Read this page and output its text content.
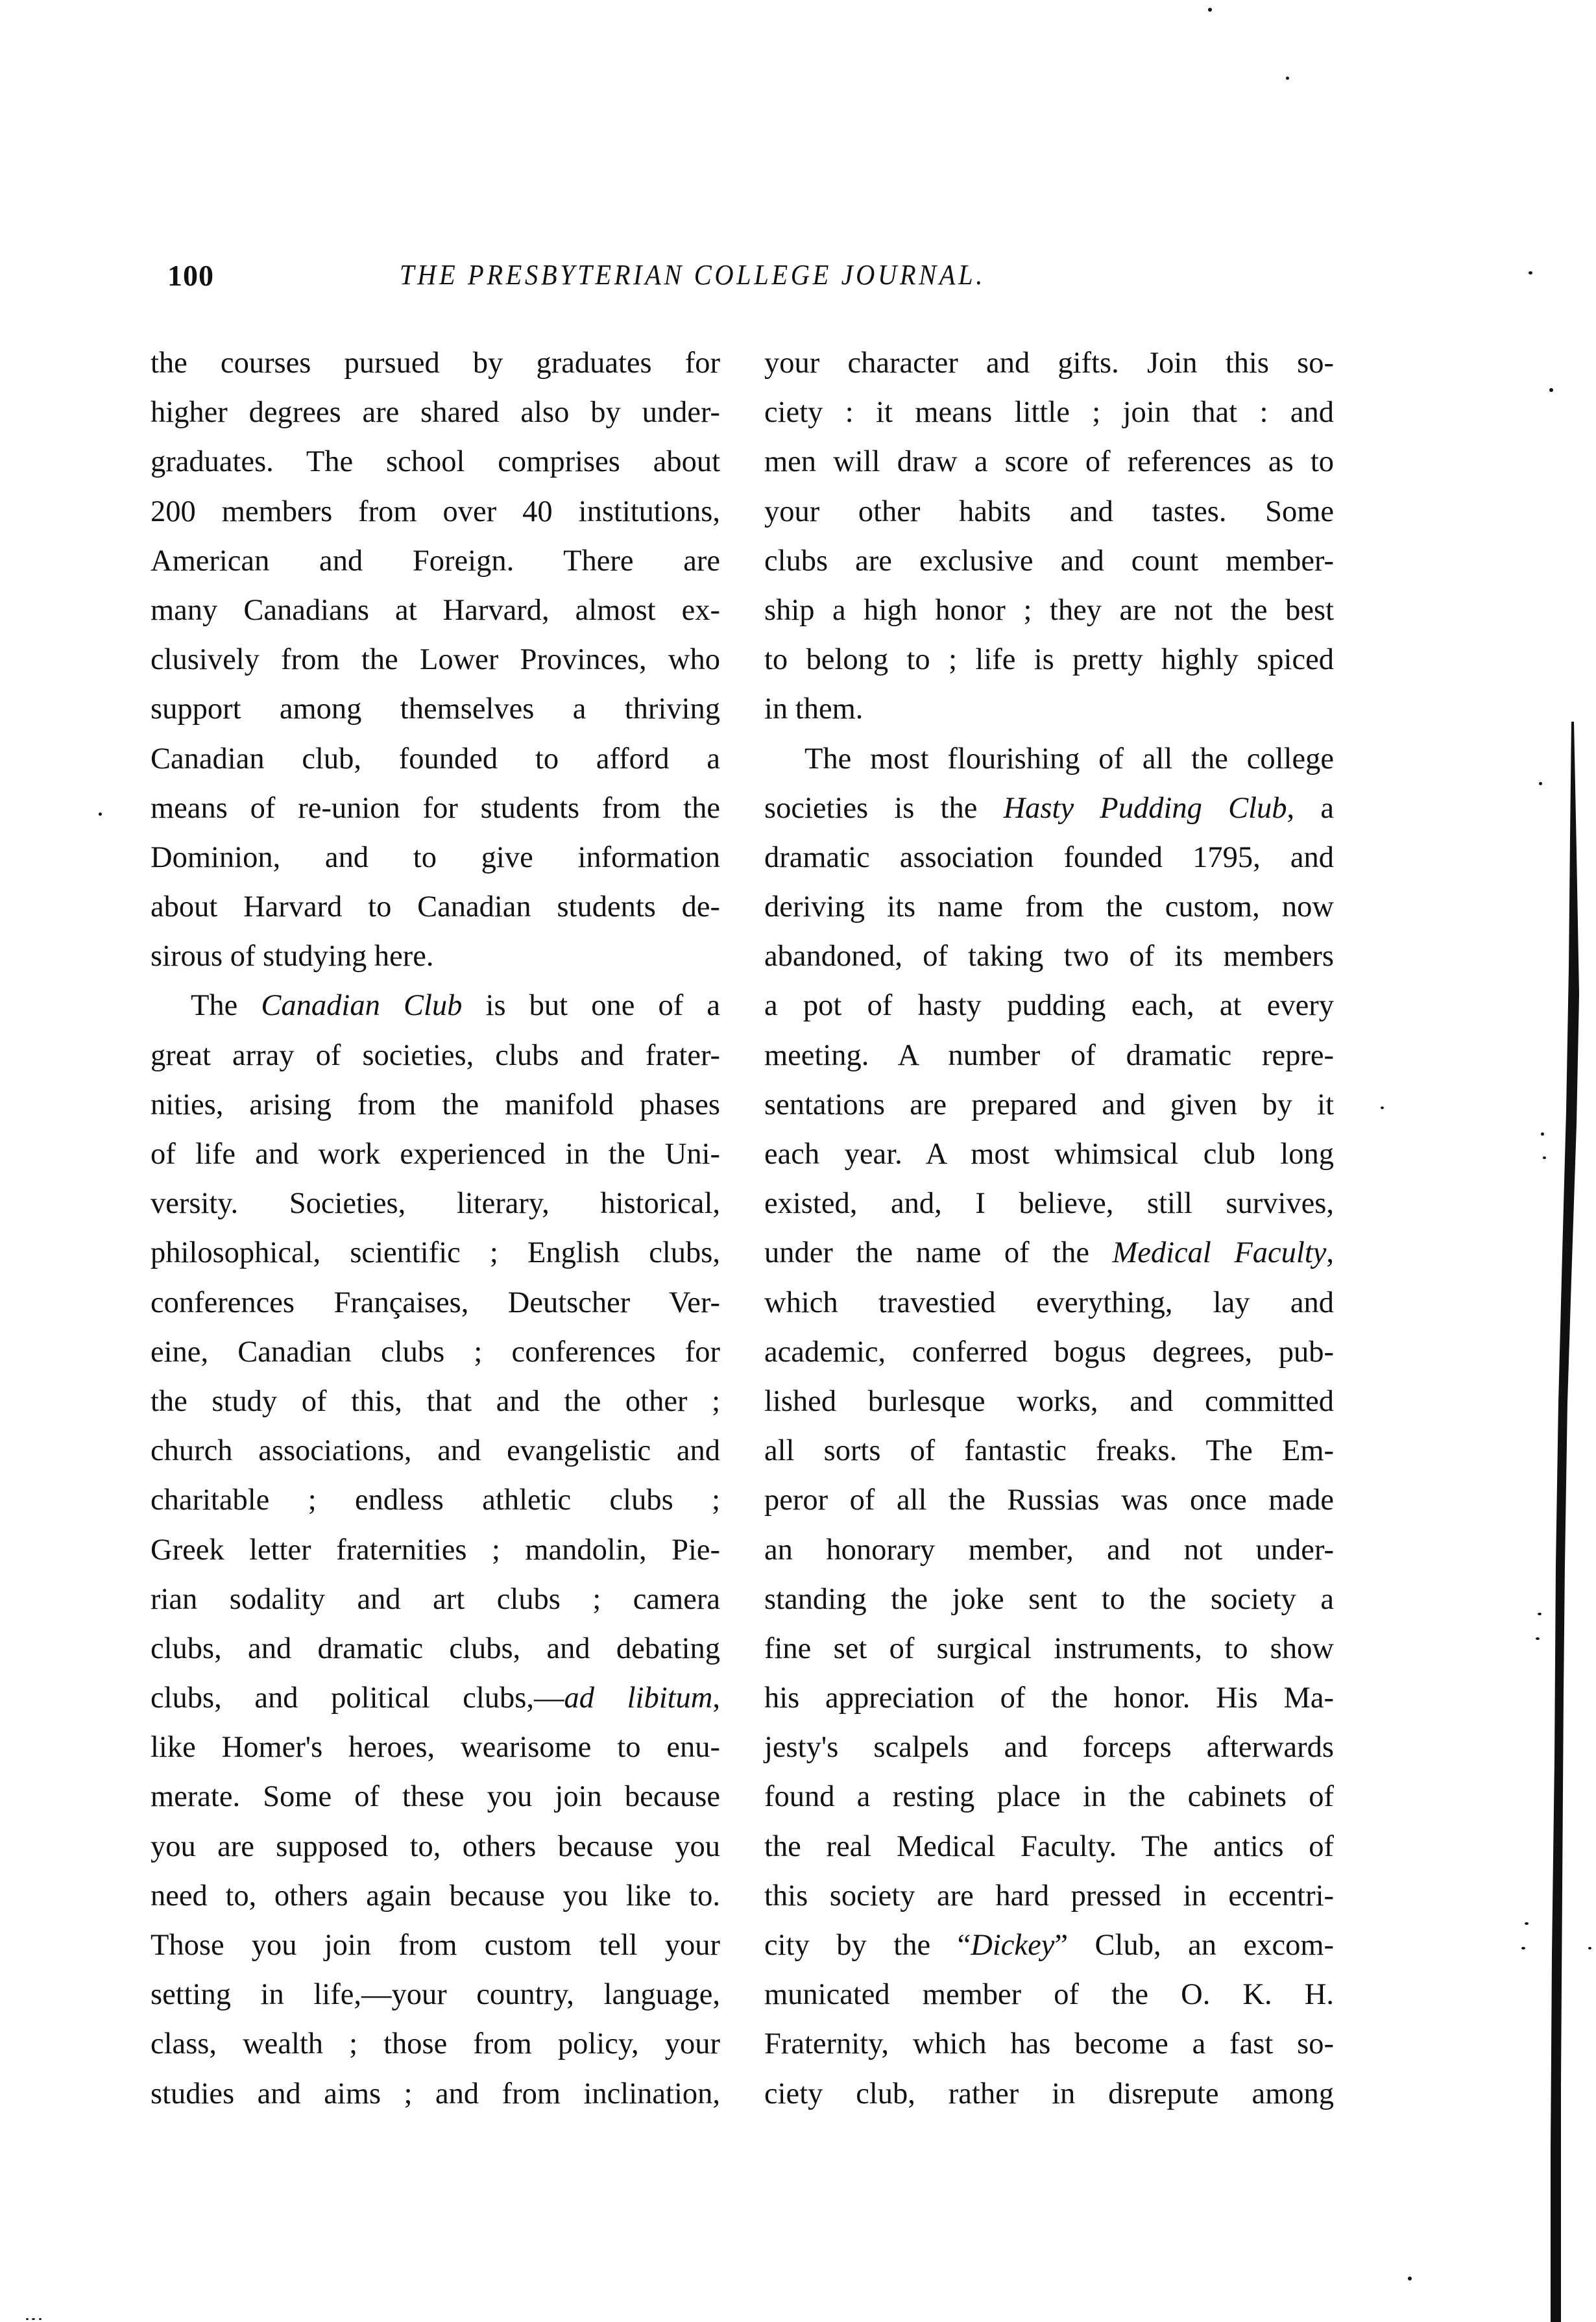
100	THE PRESBYTERIAN COLLEGE JOURNAL.
the courses pursued by graduates for
higher degrees are shared also by under-
graduates. The school comprises about
200 members from over 40 institutions,
American and Foreign. There are
many Canadians at Harvard, almost ex-
clusively from the Lower Provinces, who
support among themselves a thriving
Canadian club, founded to afford a
means of re-union for students from the
Dominion, and to give information
about Harvard to Canadian students de-
sirous of studying here.
The Canadian Club is but one of a
great array of societies, clubs and frater-
nities, arising from the manifold phases
of life and work experienced in the Uni-
versity. Societies, literary, historical,
philosophical, scientific ; English clubs,
conferences Françaises, Deutscher Ver-
eine, Canadian clubs ; conferences for
the study of this, that and the other ;
church associations, and evangelistic and
charitable ; endless athletic clubs ;
Greek letter fraternities ; mandolin, Pie-
rian sodality and art clubs ; camera
clubs, and dramatic clubs, and debating
clubs, and political clubs,—ad libitum,
like Homer's heroes, wearisome to enu-
merate. Some of these you join because
you are supposed to, others because you
need to, others again because you like to.
Those you join from custom tell your
setting in life,—your country, language,
class, wealth ; those from policy, your
studies and aims ; and from inclination,
your character and gifts. Join this so-
ciety : it means little ; join that : and
men will draw a score of references as to
your other habits and tastes. Some
clubs are exclusive and count member-
ship a high honor ; they are not the best
to belong to ; life is pretty highly spiced
in them.
The most flourishing of all the college
societies is the Hasty Pudding Club, a
dramatic association founded 1795, and
deriving its name from the custom, now
abandoned, of taking two of its members
a pot of hasty pudding each, at every
meeting. A number of dramatic repre-
sentations are prepared and given by it
each year. A most whimsical club long
existed, and, I believe, still survives,
under the name of the Medical Faculty,
which travestied everything, lay and
academic, conferred bogus degrees, pub-
lished burlesque works, and committed
all sorts of fantastic freaks. The Em-
peror of all the Russias was once made
an honorary member, and not under-
standing the joke sent to the society a
fine set of surgical instruments, to show
his appreciation of the honor. His Ma-
jesty's scalpels and forceps afterwards
found a resting place in the cabinets of
the real Medical Faculty. The antics of
this society are hard pressed in eccentri-
city by the “Dickey” Club, an excom-
municated member of the O. K. H.
Fraternity, which has become a fast so-
ciety club, rather in disrepute among
